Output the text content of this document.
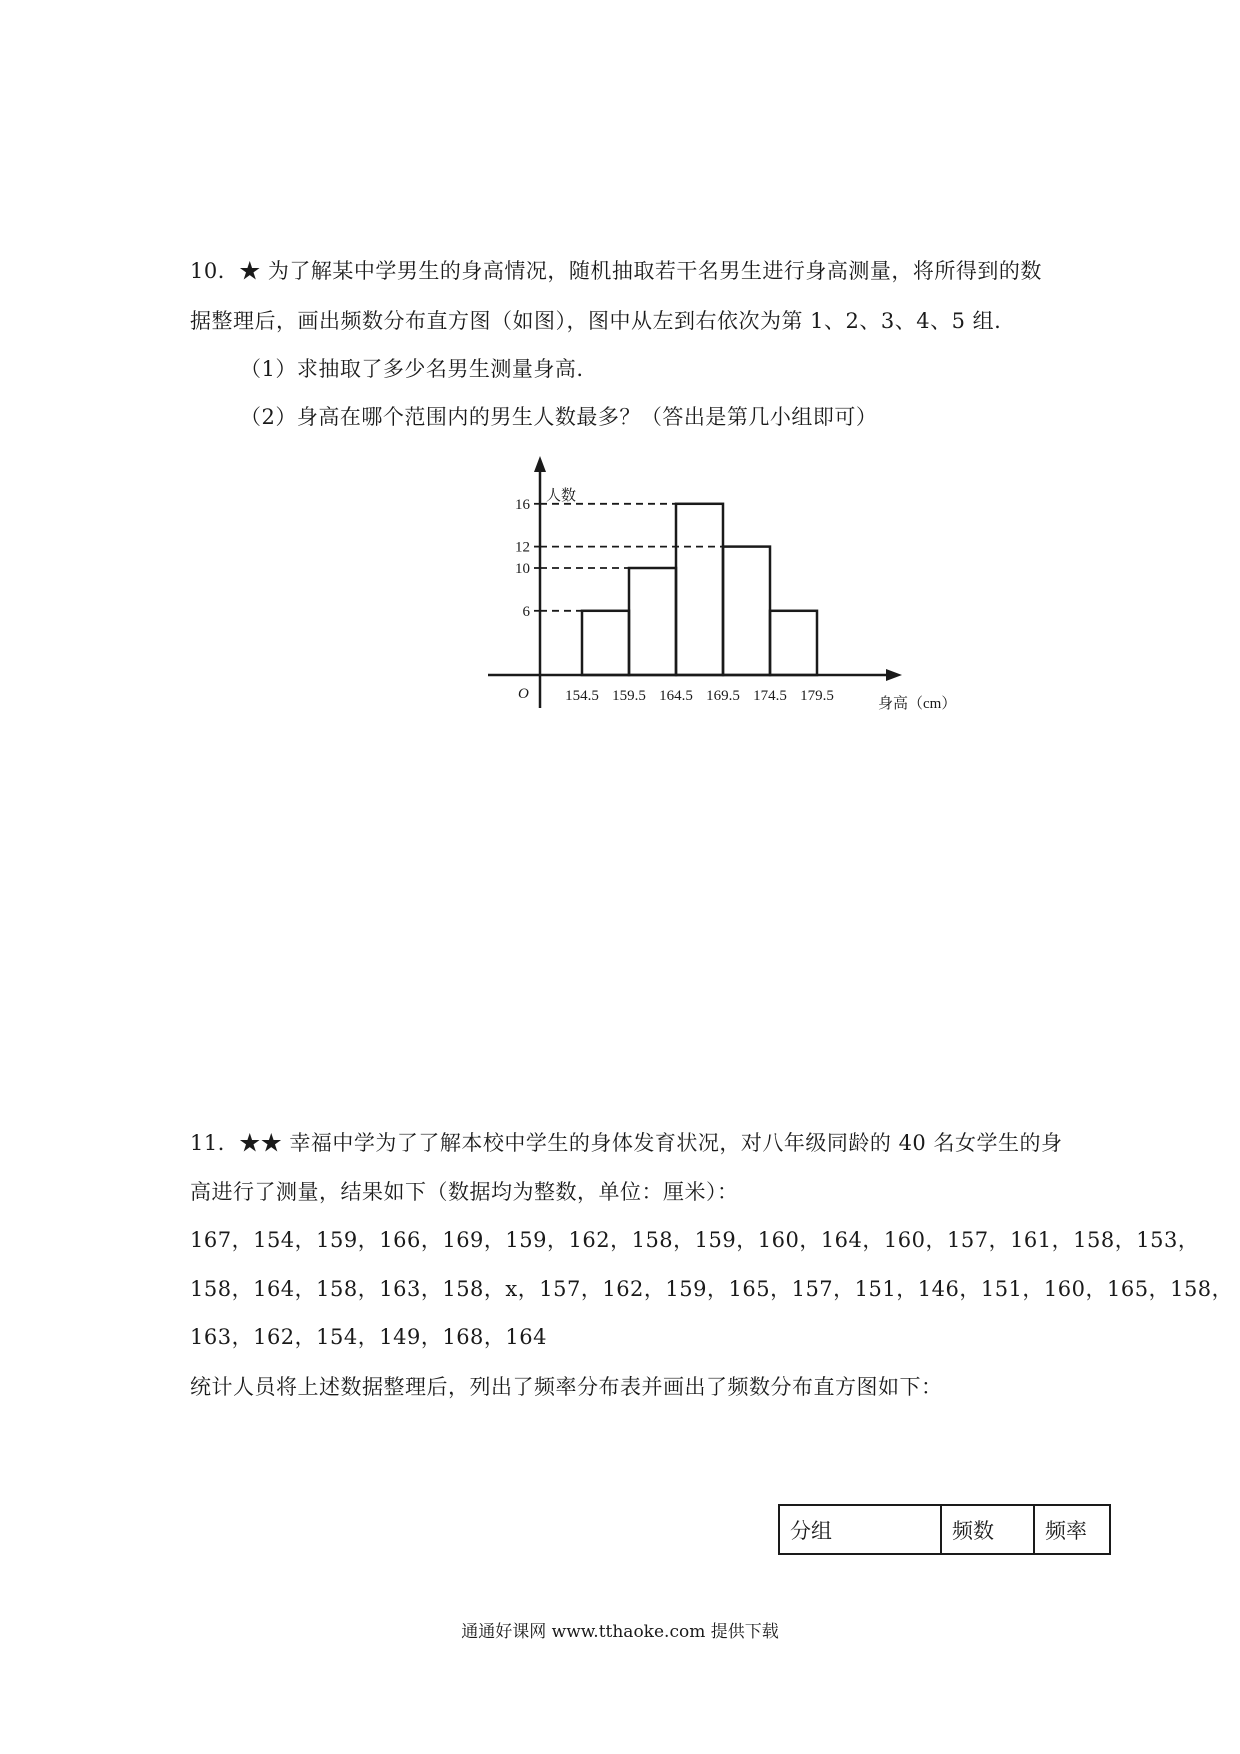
10．★ 为了解某中学男生的身高情况，随机抽取若干名男生进行身高测量，将所得到的数
据整理后，画出频数分布直方图（如图），图中从左到右依次为第 1、2、3、4、5 组.
（1）求抽取了多少名男生测量身高.
（2）身高在哪个范围内的男生人数最多？（答出是第几小组即可）
6
10
12
16
154.5 159.5 164.5 169.5 174.5 179.5
O
人数
身高（cm）
11．★★ 幸福中学为了了解本校中学生的身体发育状况，对八年级同龄的 40 名女学生的身
高进行了测量，结果如下（数据均为整数，单位：厘米）：
167，154，159，166，169，159，162，158，159，160，164，160，157，161，158，153，
158，164，158，163，158，x，157，162，159，165，157，151，146，151，160，165，158，
163，162，154，149，168，164
统计人员将上述数据整理后，列出了频率分布表并画出了频数分布直方图如下：
分组	频数	频率
通通好课网 www.tthaoke.com 提供下载
